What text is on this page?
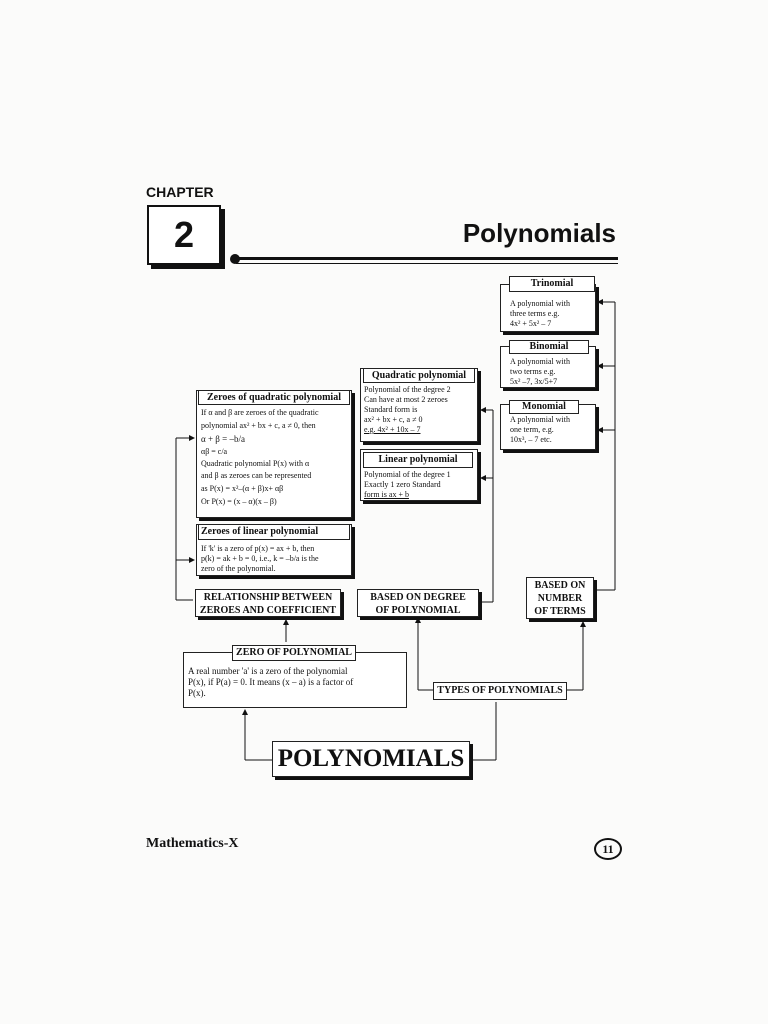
CHAPTER
2	Polynomials
A polynomial with
three terms e.g.
4x² + 5x² – 7
Trinomial
A polynomial with
two terms e.g.
5x² –7, 3x/5+7
Binomial
A polynomial with
one term, e.g.
10x³, – 7 etc.
Monomial
Polynomial of the degree 2
Can have at most 2 zeroes
Standard form is
ax² + bx + c, a ≠ 0
e.g. 4x² + 10x – 7
Quadratic polynomial
Polynomial of the degree 1
Exactly 1 zero Standard
form is ax + b
Linear polynomial
If α and β are zeroes of the quadratic
polynomial ax² + bx + c, a ≠ 0, then
α + β = –b/a
αβ = c/a
Quadratic polynomial P(x) with α
and β as zeroes can be represented
as P(x) = x²–(α + β)x+ αβ
Or P(x) = (x – α)(x – β)
Zeroes of quadratic polynomial
If 'k' is a zero of p(x) = ax + b, then
p(k) = ak + b = 0, i.e., k = –b/a is the
zero of the polynomial.
Zeroes of linear polynomial
RELATIONSHIP BETWEEN
ZEROES AND COEFFICIENT
BASED ON DEGREE
OF POLYNOMIAL
BASED ON
NUMBER
OF TERMS
A real number 'a' is a zero of the polynomial
P(x), if P(a) = 0. It means (x – a) is a factor of
P(x).
ZERO OF POLYNOMIAL
TYPES OF POLYNOMIALS
POLYNOMIALS
Mathematics-X	11
